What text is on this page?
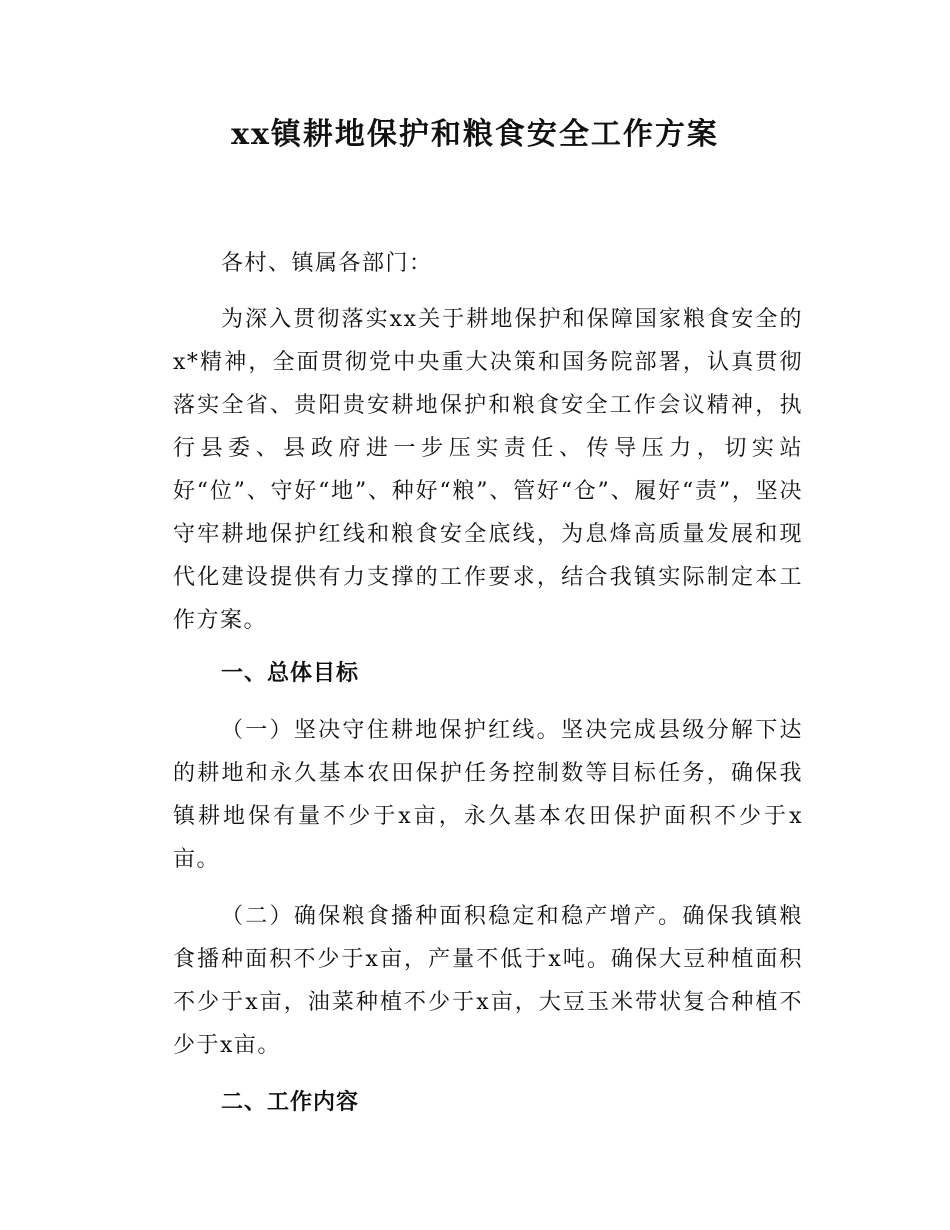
xx镇耕地保护和粮食安全工作方案

各村、镇属各部门：

为深入贯彻落实xx关于耕地保护和保障国家粮食安全的x*精神，全面贯彻党中央重大决策和国务院部署，认真贯彻落实全省、贵阳贵安耕地保护和粮食安全工作会议精神，执行县委、县政府进一步压实责任、传导压力，切实站好“位”、守好“地”、种好“粮”、管好“仓”、履好“责”，坚决守牢耕地保护红线和粮食安全底线，为息烽高质量发展和现代化建设提供有力支撑的工作要求，结合我镇实际制定本工作方案。

一、总体目标

（一）坚决守住耕地保护红线。坚决完成县级分解下达的耕地和永久基本农田保护任务控制数等目标任务，确保我镇耕地保有量不少于x亩，永久基本农田保护面积不少于x亩。

（二）确保粮食播种面积稳定和稳产增产。确保我镇粮食播种面积不少于x亩，产量不低于x吨。确保大豆种植面积不少于x亩，油菜种植不少于x亩，大豆玉米带状复合种植不少于x亩。

二、工作内容
